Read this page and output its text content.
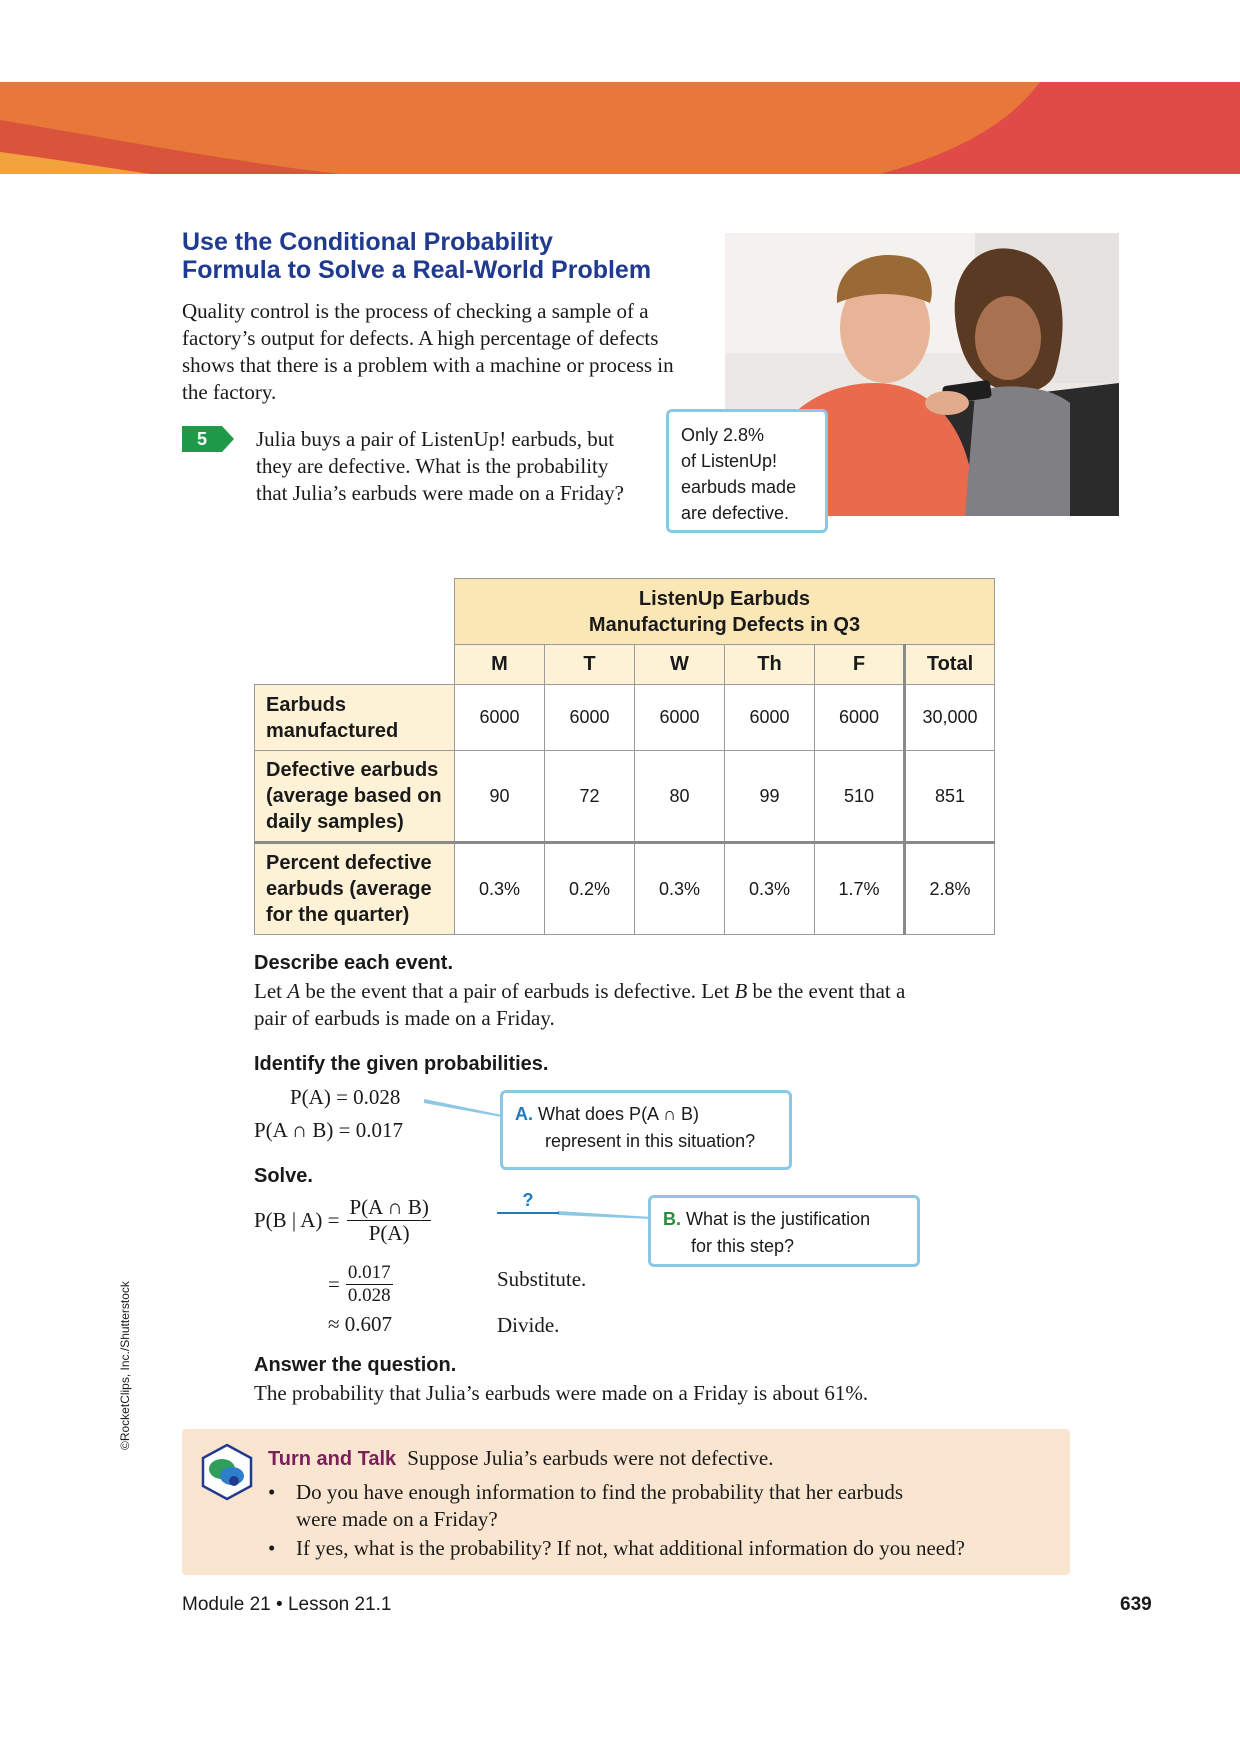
Use the Conditional Probability
Formula to Solve a Real-World Problem
Quality control is the process of checking a sample of a factory’s output for defects. A high percentage of defects shows that there is a problem with a machine or process in the factory.
5	Julia buys a pair of ListenUp! earbuds, but they are defective. What is the probability that Julia’s earbuds were made on a Friday?
Only 2.8%
of ListenUp!
earbuds made
are defective.

	ListenUp Earbuds
Manufacturing Defects in Q3					

	M	T	W	Th	F	Total

Earbuds
manufactured	6000	6000	6000	6000	6000	30,000

Defective earbuds
(average based on
daily samples)	90	72	80	99	510	851

Percent defective
earbuds (average
for the quarter)	0.3%	0.2%	0.3%	0.3%	1.7%	2.8%
Describe each event.
Let A be the event that a pair of earbuds is defective. Let B be the event that a pair of earbuds is made on a Friday.
Identify the given probabilities.
P(A) = 0.028
P(A ∩ B) = 0.017
A. What does P(A ∩ B)
represent in this situation?
Solve.
P(B | $A) = \frac{P(A \cap B)}{P(A)}$	?
B. What is the justification
for this step?
= $\frac{0.017}{0.028}$	Substitute.
≈ 0.607	Divide.
Answer the question.
The probability that Julia’s earbuds were made on a Friday is about 61%.
Turn and Talk Suppose Julia’s earbuds were not defective.
• Do you have enough information to find the probability that her earbuds
were made on a Friday?
• If yes, what is the probability? If not, what additional information do you need?
Module 21 • Lesson 21.1	639
©RocketClips, Inc./Shutterstock
